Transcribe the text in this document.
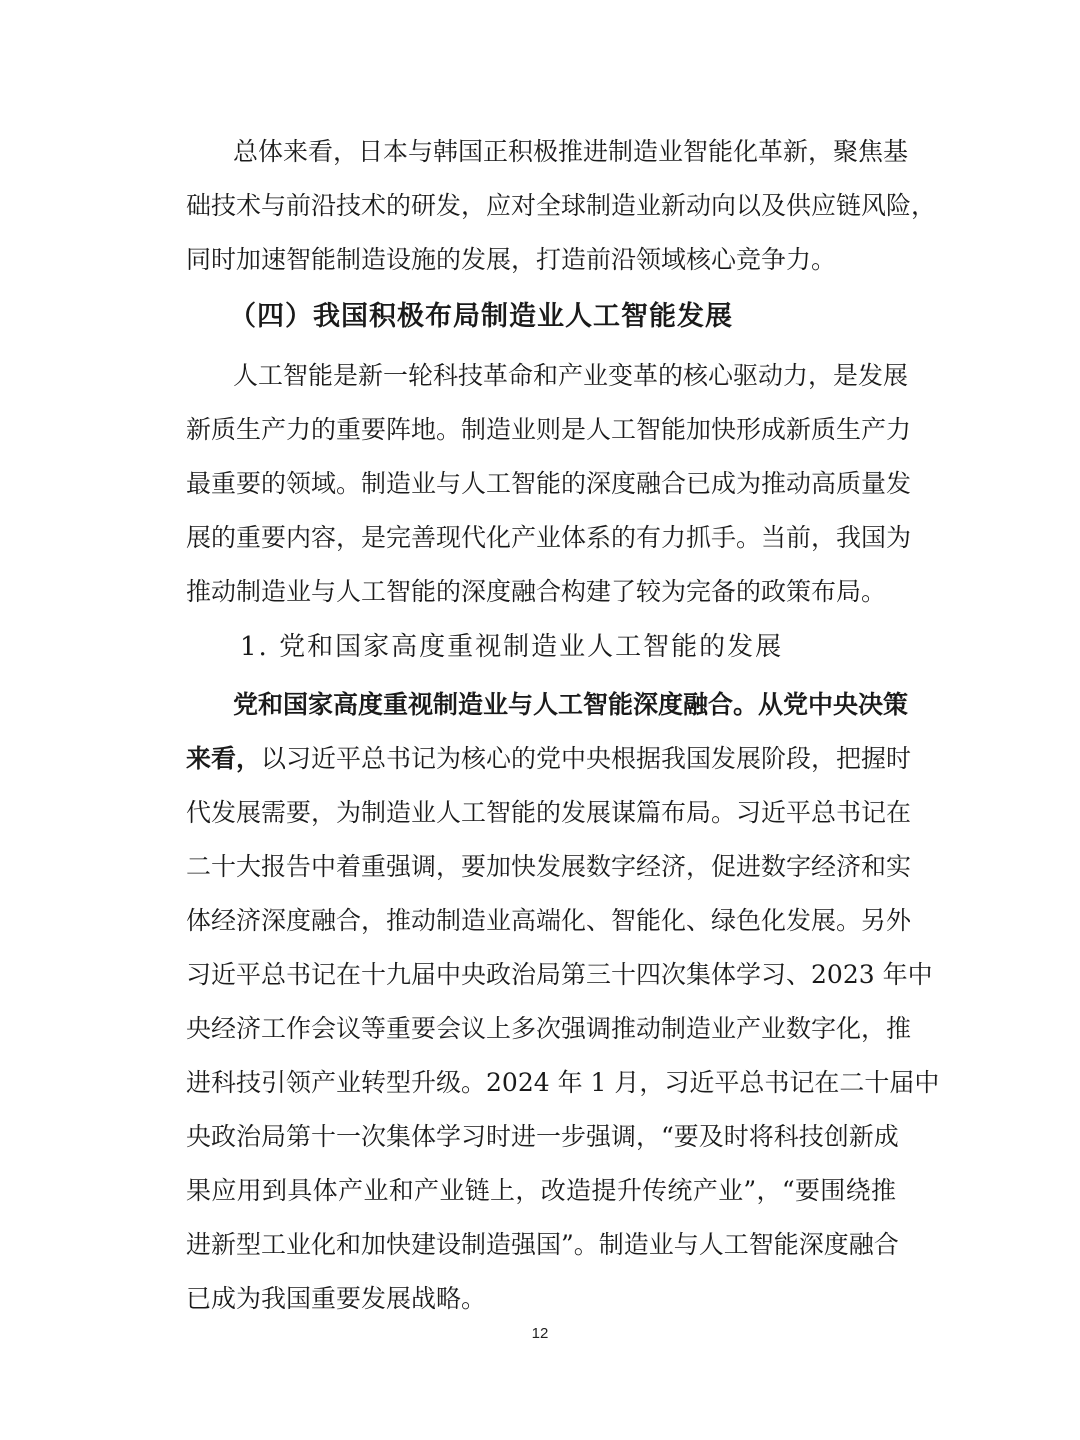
总体来看，日本与韩国正积极推进制造业智能化革新，聚焦基
础技术与前沿技术的研发，应对全球制造业新动向以及供应链风险，
同时加速智能制造设施的发展，打造前沿领域核心竞争力。
（四）我国积极布局制造业人工智能发展
人工智能是新一轮科技革命和产业变革的核心驱动力，是发展
新质生产力的重要阵地。制造业则是人工智能加快形成新质生产力
最重要的领域。制造业与人工智能的深度融合已成为推动高质量发
展的重要内容，是完善现代化产业体系的有力抓手。当前，我国为
推动制造业与人工智能的深度融合构建了较为完备的政策布局。
1. 党和国家高度重视制造业人工智能的发展
党和国家高度重视制造业与人工智能深度融合。从党中央决策
来看，以习近平总书记为核心的党中央根据我国发展阶段，把握时
代发展需要，为制造业人工智能的发展谋篇布局。习近平总书记在
二十大报告中着重强调，要加快发展数字经济，促进数字经济和实
体经济深度融合，推动制造业高端化、智能化、绿色化发展。另外
习近平总书记在十九届中央政治局第三十四次集体学习、2023 年中
央经济工作会议等重要会议上多次强调推动制造业产业数字化，推
进科技引领产业转型升级。2024 年 1 月，习近平总书记在二十届中
央政治局第十一次集体学习时进一步强调，“要及时将科技创新成
果应用到具体产业和产业链上，改造提升传统产业”，“要围绕推
进新型工业化和加快建设制造强国”。制造业与人工智能深度融合
已成为我国重要发展战略。
12
